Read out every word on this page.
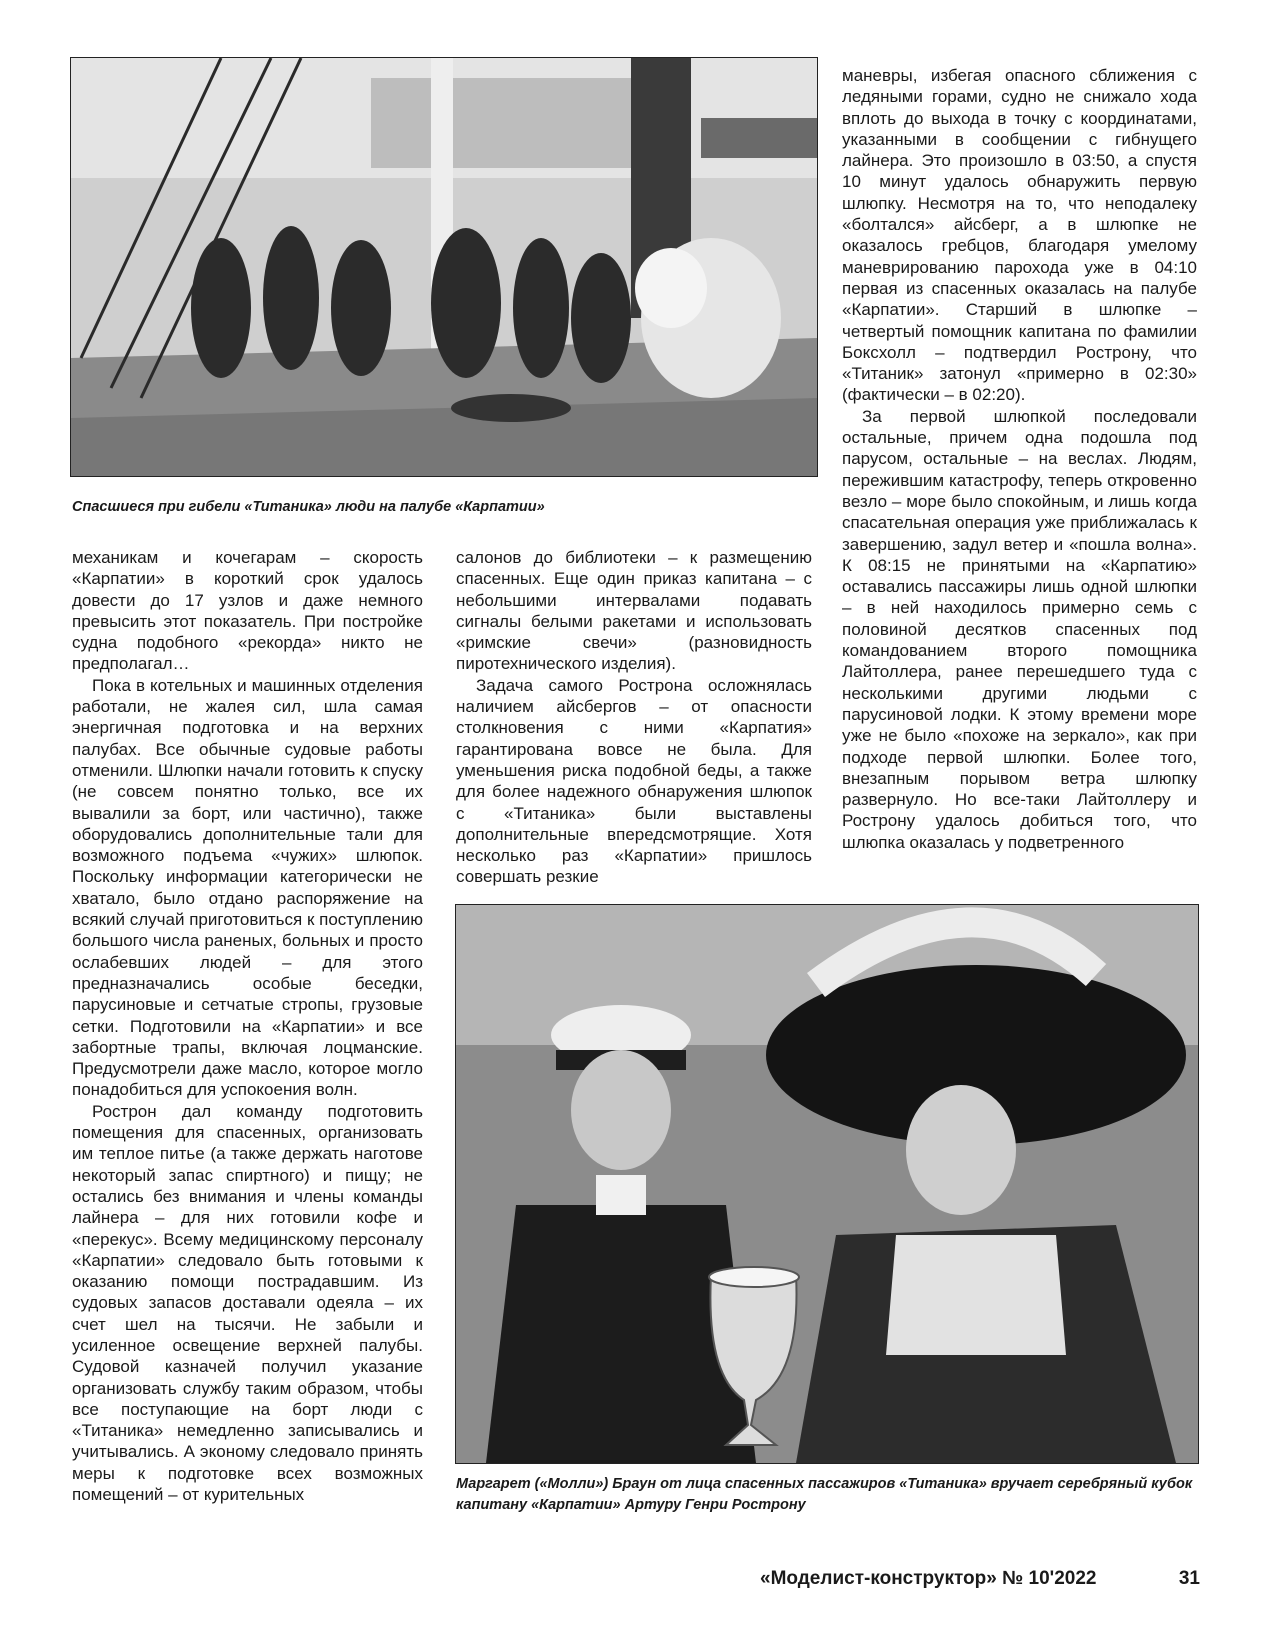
Спасшиеся при гибели «Титаника» люди на палубе «Карпатии»

механикам и кочегарам – скорость «Карпатии» в короткий срок удалось довести до 17 узлов и даже немного превысить этот показатель. При постройке судна подобного «рекорда» никто не предполагал…

Пока в котельных и машинных отделения работали, не жалея сил, шла самая энергичная подготовка и на верхних палубах. Все обычные судовые работы отменили. Шлюпки начали готовить к спуску (не совсем понятно только, все их вывалили за борт, или частично), также оборудовались дополнительные тали для возможного подъема «чужих» шлюпок. Поскольку информации категорически не хватало, было отдано распоряжение на всякий случай приготовиться к поступлению большого числа раненых, больных и просто ослабевших людей – для этого предназначались особые беседки, парусиновые и сетчатые стропы, грузовые сетки. Подготовили на «Карпатии» и все забортные трапы, включая лоцманские. Предусмотрели даже масло, которое могло понадобиться для успокоения волн.

Ростpон дал команду подготовить помещения для спасенных, организовать им теплое питье (а также держать наготове некоторый запас спиртного) и пищу; не остались без внимания и члены команды лайнера – для них готовили кофе и «перекус». Всему медицинскому персоналу «Карпатии» следовало быть готовыми к оказанию помощи пострадавшим. Из судовых запасов доставали одеяла – их счет шел на тысячи. Не забыли и усиленное освещение верхней палубы. Судовой казначей получил указание организовать службу таким образом, чтобы все поступающие на борт люди с «Титаника» немедленно записывались и учитывались. А эконому следовало принять меры к подготовке всех возможных помещений – от курительных

салонов до библиотеки – к размещению спасенных. Еще один приказ капитана – с небольшими интервалами подавать сигналы белыми ракетами и использовать «римские свечи» (разновидность пиротехнического изделия).

Задача самого Рострона осложнялась наличием айсбергов – от опасности столкновения с ними «Карпатия» гарантирована вовсе не была. Для уменьшения риска подобной беды, а также для более надежного обнаружения шлюпок с «Титаника» были выставлены дополнительные впередсмотрящие. Хотя несколько раз «Карпатии» пришлось совершать резкие

маневры, избегая опасного сближения с ледяными горами, судно не снижало хода вплоть до выхода в точку с координатами, указанными в сообщении с гибнущего лайнера. Это произошло в 03:50, а спустя 10 минут удалось обнаружить первую шлюпку. Несмотря на то, что неподалеку «болтался» айсберг, а в шлюпке не оказалось гребцов, благодаря умелому маневрированию парохода уже в 04:10 первая из спасенных оказалась на палубе «Карпатии». Старший в шлюпке – четвертый помощник капитана по фамилии Боксхолл – подтвердил Рострону, что «Титаник» затонул «примерно в 02:30» (фактически – в 02:20).

За первой шлюпкой последовали остальные, причем одна подошла под парусом, остальные – на веслах. Людям, пережившим катастрофу, теперь откровенно везло – море было спокойным, и лишь когда спасательная операция уже приближалась к завершению, задул ветер и «пошла волна». К 08:15 не принятыми на «Карпатию» оставались пассажиры лишь одной шлюпки – в ней находилось примерно семь с половиной десятков спасенных под командованием второго помощника Лайтоллера, ранее перешедшего туда с несколькими другими людьми с парусиновой лодки. К этому времени море уже не было «похоже на зеркало», как при подходе первой шлюпки. Более того, внезапным порывом ветра шлюпку развернуло. Но все-таки Лайтоллеру и Рострону удалось добиться того, что шлюпка оказалась у подветренного

Маргарет («Молли») Браун от лица спасенных пассажиров «Титаника» вручает серебряный кубок капитану «Карпатии» Артуру Генри Рострону
«Моделист-конструктор» № 10'2022	31
